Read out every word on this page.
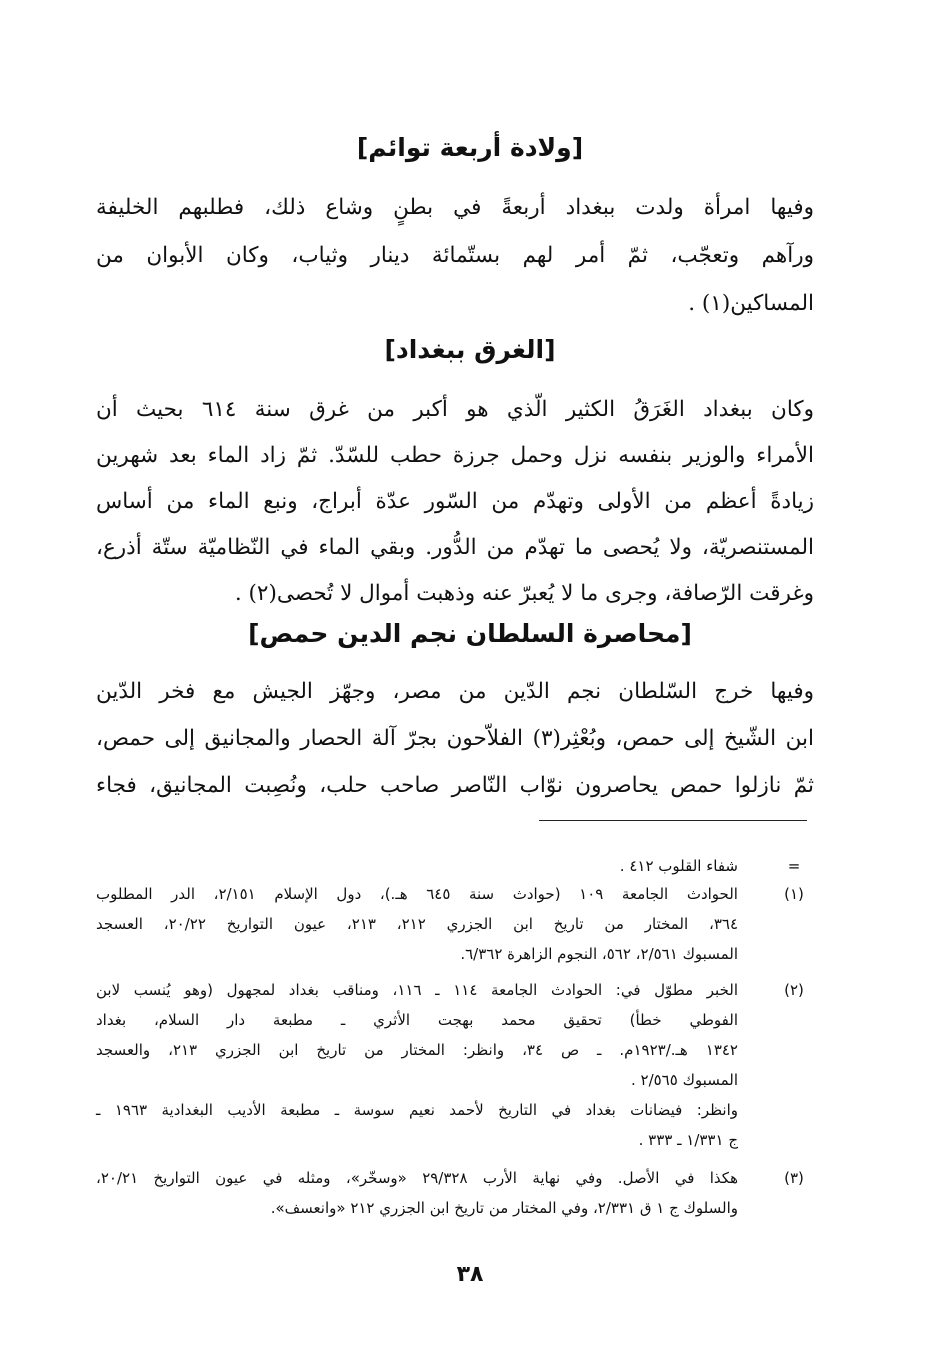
[ولادة أربعة توائم]
وفيها امرأة ولدت ببغداد أربعةً في بطنٍ وشاع ذلك، فطلبهم الخليفة
ورآهم وتعجّب، ثمّ أمر لهم بستّمائة دينار وثياب، وكان الأبوان من
المساكين(١) .
[الغرق ببغداد]
وكان ببغداد الغَرَقُ الكثير الّذي هو أكبر من غرق سنة ٦١٤ بحيث أن
الأمراء والوزير بنفسه نزل وحمل جرزة حطب للسّدّ. ثمّ زاد الماء بعد شهرين
زيادةً أعظم من الأولى وتهدّم من السّور عدّة أبراج، ونبع الماء من أساس
المستنصريّة، ولا يُحصى ما تهدّم من الدُّور. وبقي الماء في النّظاميّة ستّة أذرع،
وغرقت الرّصافة، وجرى ما لا يُعبرّ عنه وذهبت أموال لا تُحصى(٢) .
[محاصرة السلطان نجم الدين حمص]
وفيها خرج السّلطان نجم الدّين من مصر، وجهّز الجيش مع فخر الدّين
ابن الشّيخ إلى حمص، وبُعْثِر(٣) الفلاّحون بجرّ آلة الحصار والمجانيق إلى حمص،
ثمّ نازلوا حمص يحاصرون نوّاب النّاصر صاحب حلب، ونُصِبت المجانيق، فجاء
=
شفاء القلوب ٤١٢ .
(١)
الحوادث الجامعة ١٠٩ (حوادث سنة ٦٤٥ هـ.)، دول الإسلام ٢/١٥١، الدر المطلوب
٣٦٤، المختار من تاريخ ابن الجزري ٢١٢، ٢١٣، عيون التواريخ ٢٠/٢٢، العسجد
المسبوك ٢/٥٦١، ٥٦٢، النجوم الزاهرة ٦/٣٦٢.
(٢)
الخبر مطوّل في: الحوادث الجامعة ١١٤ ـ ١١٦، ومناقب بغداد لمجهول (وهو يُنسب لابن
الفوطي خطأ) تحقيق محمد بهجت الأثري ـ مطبعة دار السلام، بغداد
١٣٤٢ هـ./١٩٢٣م. ـ ص ٣٤، وانظر: المختار من تاريخ ابن الجزري ٢١٣، والعسجد
المسبوك ٢/٥٦٥ .
وانظر: فيضانات بغداد في التاريخ لأحمد نعيم سوسة ـ مطبعة الأديب البغدادية ١٩٦٣ ـ
ج ١/٣٣١ ـ ٣٣٣ .
(٣)
هكذا في الأصل. وفي نهاية الأرب ٢٩/٣٢٨ «وسخّر»، ومثله في عيون التواريخ ٢٠/٢١،
والسلوك ج ١ ق ٢/٣٣١، وفي المختار من تاريخ ابن الجزري ٢١٢ «وانعسف».
٣٨
